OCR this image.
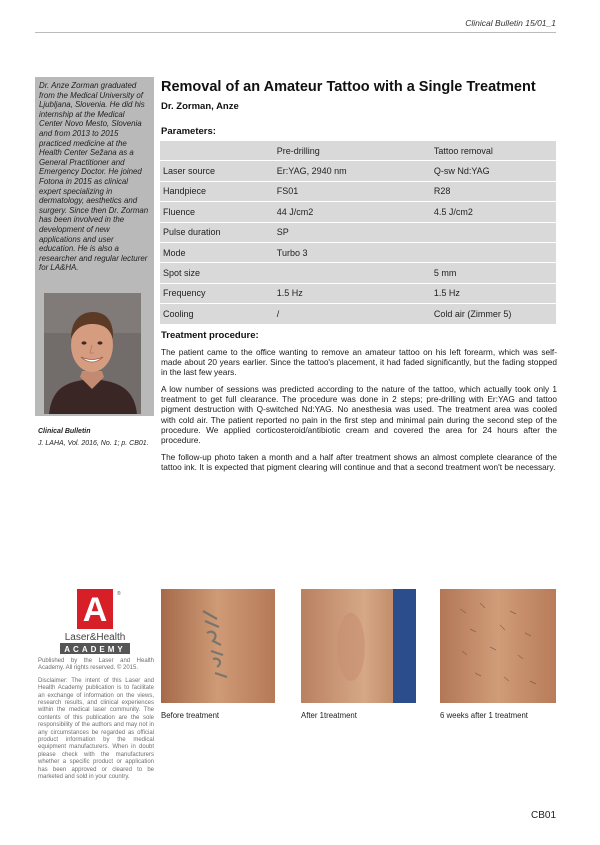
Clinical Bulletin 15/01_1
Dr. Anze Zorman graduated from the Medical University of Ljubljana, Slovenia. He did his internship at the Medical Center Novo Mesto, Slovenia and from 2013 to 2015 practiced medicine at the Health Center Sežana as a General Practitioner and Emergency Doctor. He joined Fotona in 2015 as clinical expert specializing in dermatology, aesthetics and surgery. Since then Dr. Zorman has been involved in the development of new applications and user education. He is also a researcher and regular lecturer for LA&HA.
Clinical Bulletin
J. LAHA, Vol. 2016, No. 1; p. CB01.
A ®
Laser&Health
ACADEMY

Published by the Laser and Health Academy. All rights reserved. © 2015.

Disclaimer: The intent of this Laser and Health Academy publication is to facilitate an exchange of information on the views, research results, and clinical experiences within the medical laser community. The contents of this publication are the sole responsibility of the authors and may not in any circumstances be regarded as official product information by the medical equipment manufacturers. When in doubt please check with the manufacturers whether a specific product or application has been approved or cleared to be marketed and sold in your country.

Removal of an Amateur Tattoo with a Single Treatment
Dr. Zorman, Anze
Parameters:
	Pre-drilling	Tattoo removal
Laser source	Er:YAG, 2940 nm	Q-sw Nd:YAG
Handpiece	FS01	R28
Fluence	44 J/cm2	4.5 J/cm2
Pulse duration	SP	
Mode	Turbo 3	
Spot size		5 mm
Frequency	1.5 Hz	1.5 Hz
Cooling	/	Cold air (Zimmer 5)
Treatment procedure:

The patient came to the office wanting to remove an amateur tattoo on his left forearm, which was self-made about 20 years earlier. Since the tattoo's placement, it had faded significantly, but the fading stopped in the last few years.

A low number of sessions was predicted according to the nature of the tattoo, which actually took only 1 treatment to get full clearance. The procedure was done in 2 steps; pre-drilling with Er:YAG and tattoo pigment destruction with Q-switched Nd:YAG. No anesthesia was used. The treatment area was cooled with cold air. The patient reported no pain in the first step and minimal pain during the second step of the procedure. We applied corticosteroid/antibiotic cream and covered the area for 24 hours after the procedure.

The follow-up photo taken a month and a half after treatment shows an almost complete clearance of the tattoo ink. It is expected that pigment clearing will continue and that a second treatment won't be necessary.

Before treatment	After 1treatment	6 weeks after 1 treatment
CB01
